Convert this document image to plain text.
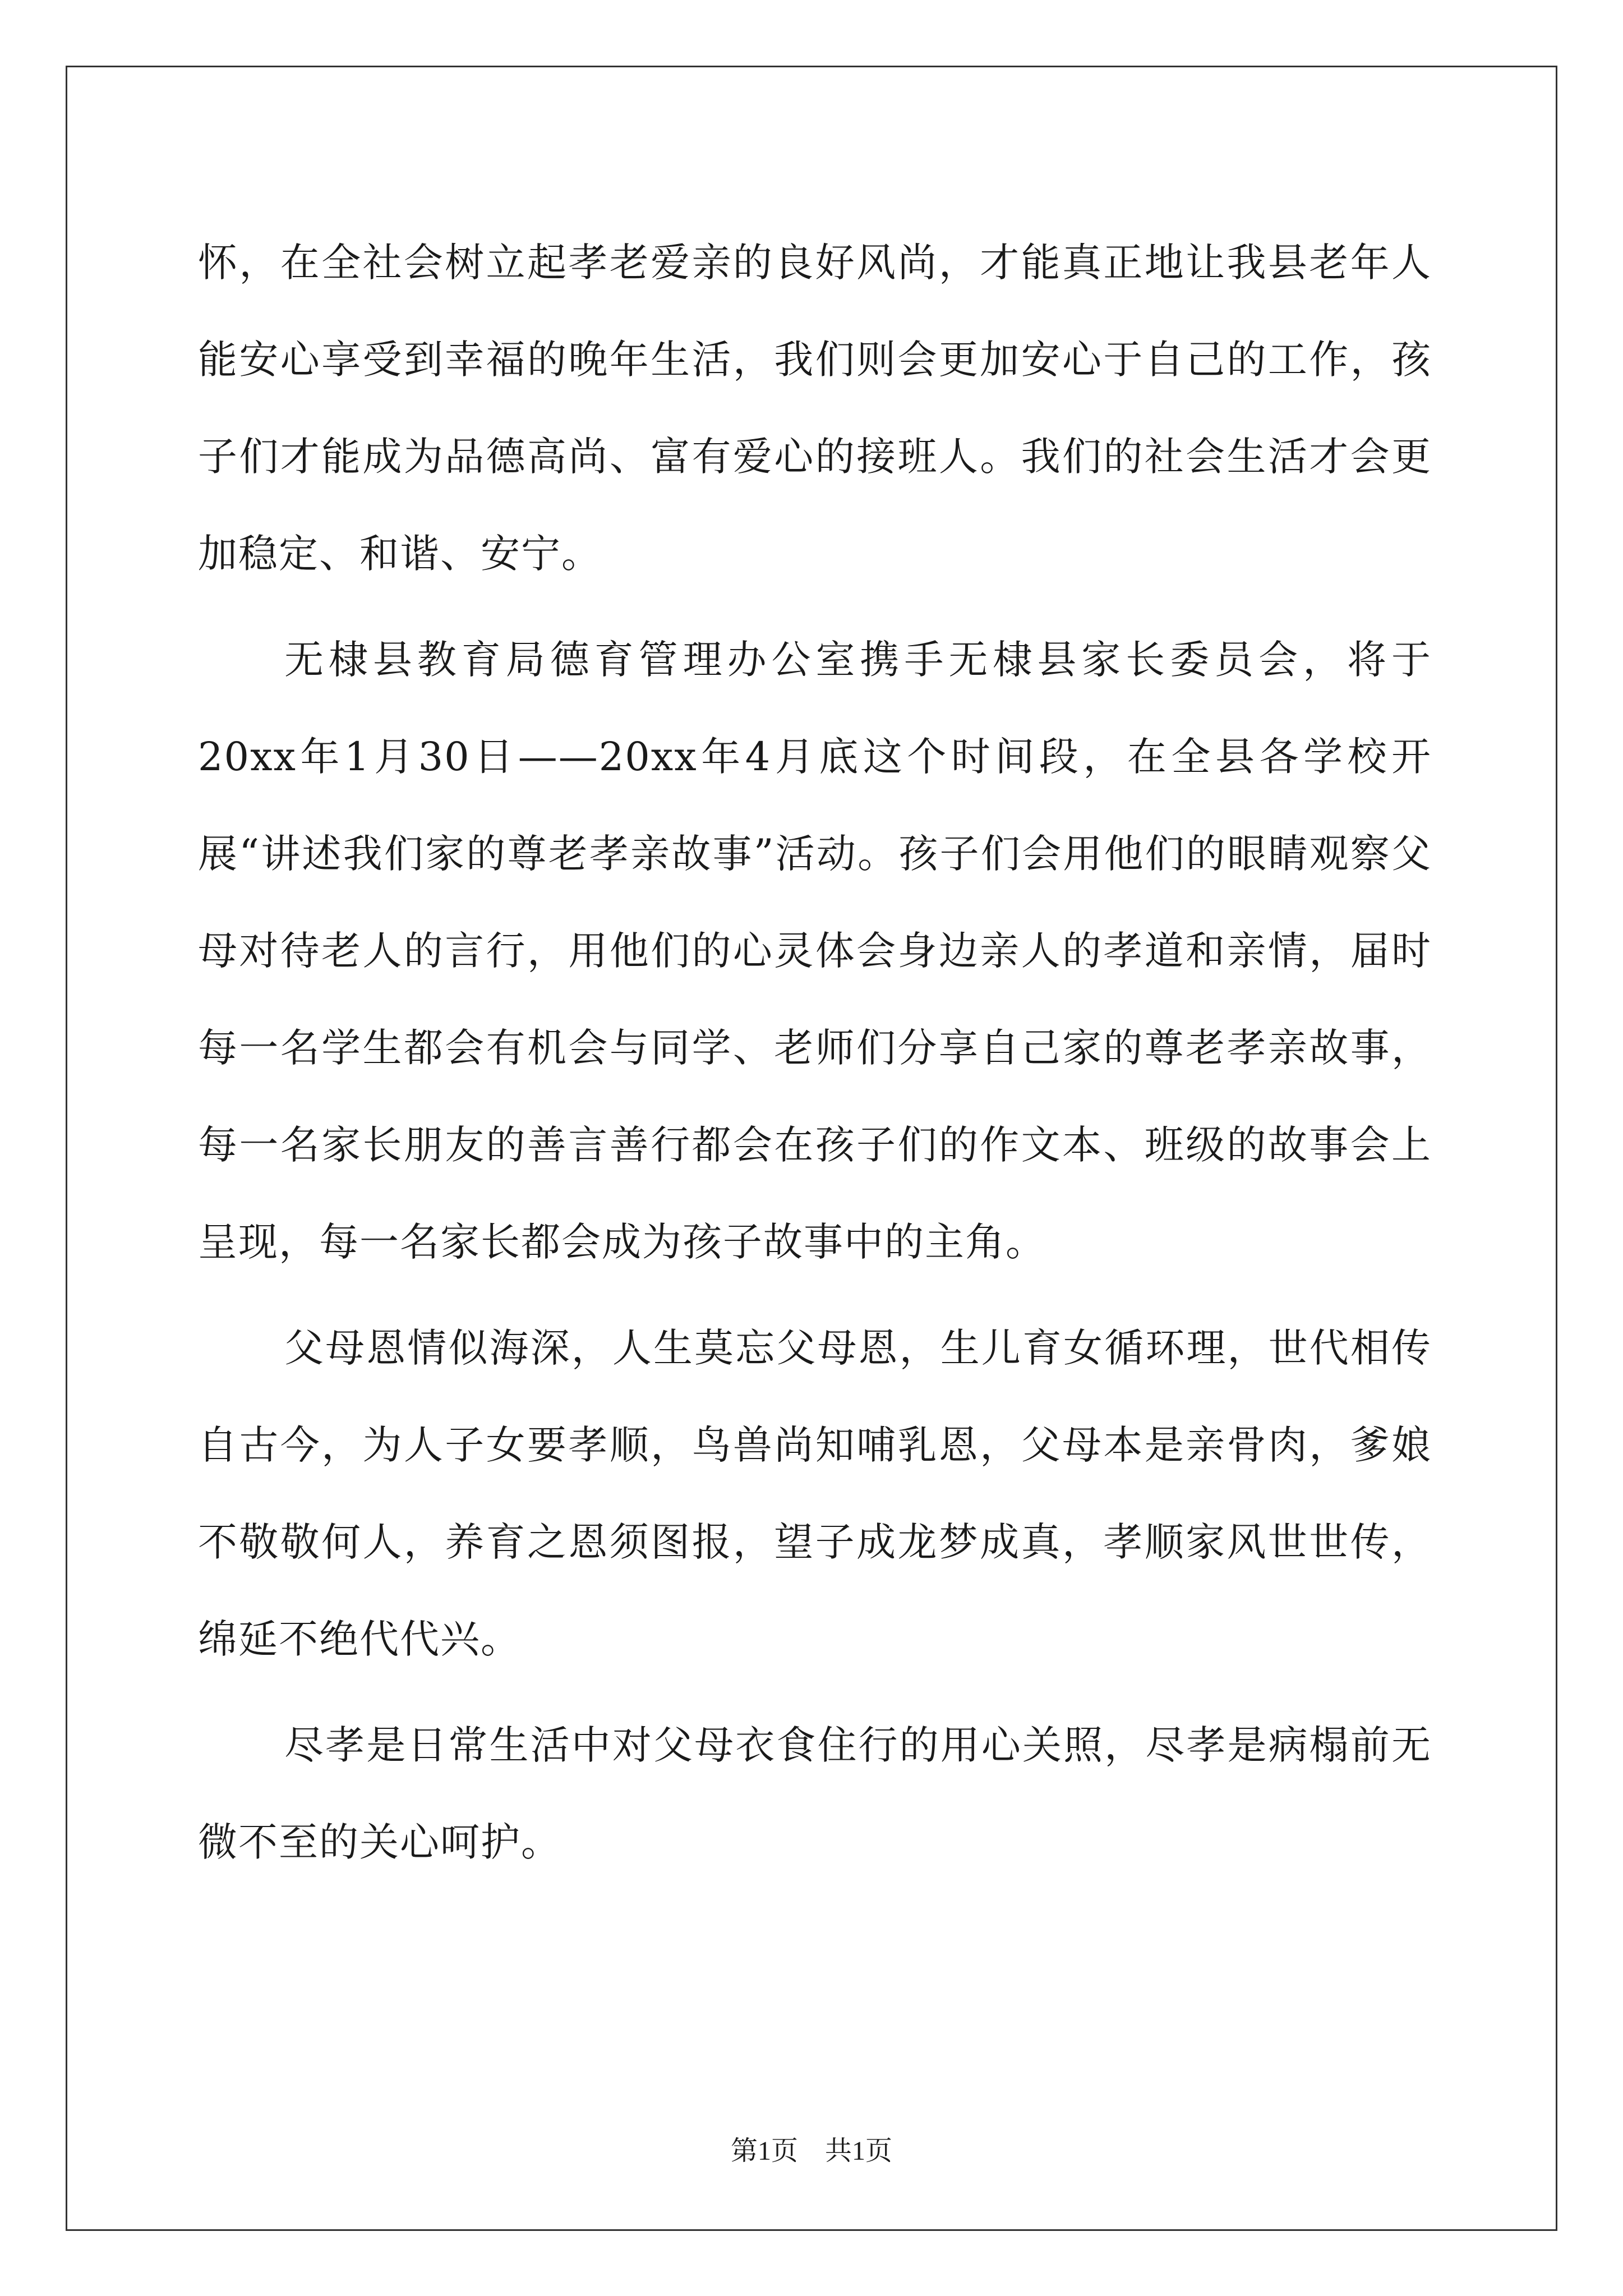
怀，在全社会树立起孝老爱亲的良好风尚，才能真正地让我县老年人能安心享受到幸福的晚年生活，我们则会更加安心于自己的工作，孩子们才能成为品德高尚、富有爱心的接班人。我们的社会生活才会更加稳定、和谐、安宁。

无棣县教育局德育管理办公室携手无棣县家长委员会，将于20xx年1月30日——20xx年4月底这个时间段，在全县各学校开展“讲述我们家的尊老孝亲故事”活动。孩子们会用他们的眼睛观察父母对待老人的言行，用他们的心灵体会身边亲人的孝道和亲情，届时每一名学生都会有机会与同学、老师们分享自己家的尊老孝亲故事，每一名家长朋友的善言善行都会在孩子们的作文本、班级的故事会上呈现，每一名家长都会成为孩子故事中的主角。

父母恩情似海深，人生莫忘父母恩，生儿育女循环理，世代相传自古今，为人子女要孝顺，鸟兽尚知哺乳恩，父母本是亲骨肉，爹娘不敬敬何人，养育之恩须图报，望子成龙梦成真，孝顺家风世世传，绵延不绝代代兴。

尽孝是日常生活中对父母衣食住行的用心关照，尽孝是病榻前无微不至的关心呵护。

第1页 共1页
